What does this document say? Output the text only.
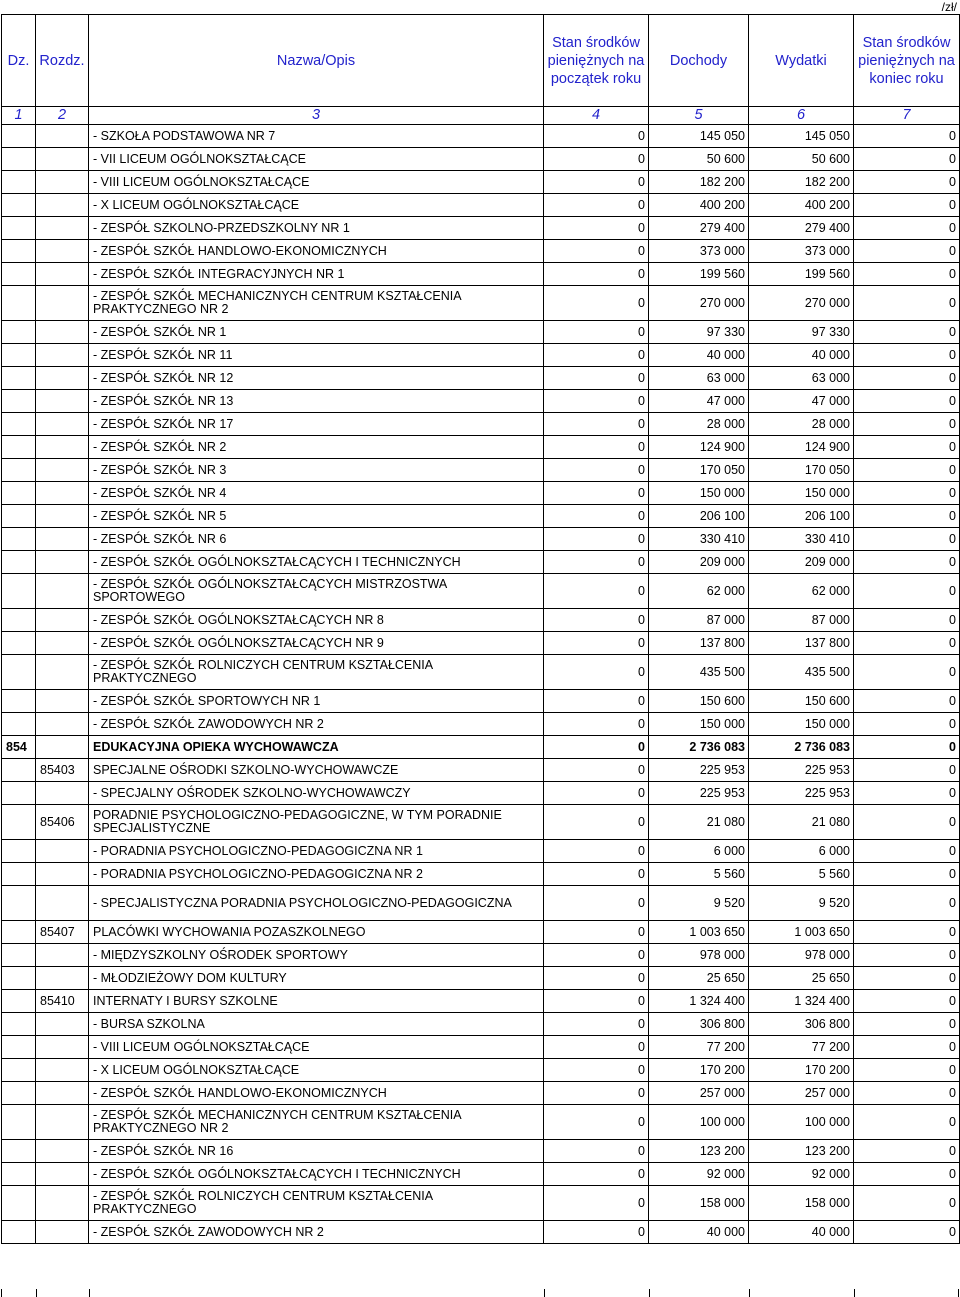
/zł/
Dz.	Rozdz.	Nazwa/Opis	Stan środków pieniężnych na początek roku	Dochody	Wydatki	Stan środków pieniężnych na koniec roku
1	2	3	4	5	6	7
		- SZKOŁA PODSTAWOWA NR 7	0	145 050	145 050	0
		- VII LICEUM OGÓLNOKSZTAŁCĄCE	0	50 600	50 600	0
		- VIII LICEUM OGÓLNOKSZTAŁCĄCE	0	182 200	182 200	0
		- X LICEUM OGÓLNOKSZTAŁCĄCE	0	400 200	400 200	0
		- ZESPÓŁ SZKOLNO-PRZEDSZKOLNY NR 1	0	279 400	279 400	0
		- ZESPÓŁ SZKÓŁ HANDLOWO-EKONOMICZNYCH	0	373 000	373 000	0
		- ZESPÓŁ SZKÓŁ INTEGRACYJNYCH NR 1	0	199 560	199 560	0
		- ZESPÓŁ SZKÓŁ MECHANICZNYCH CENTRUM KSZTAŁCENIA PRAKTYCZNEGO NR 2	0	270 000	270 000	0
		- ZESPÓŁ SZKÓŁ NR 1	0	97 330	97 330	0
		- ZESPÓŁ SZKÓŁ NR 11	0	40 000	40 000	0
		- ZESPÓŁ SZKÓŁ NR 12	0	63 000	63 000	0
		- ZESPÓŁ SZKÓŁ NR 13	0	47 000	47 000	0
		- ZESPÓŁ SZKÓŁ NR 17	0	28 000	28 000	0
		- ZESPÓŁ SZKÓŁ NR 2	0	124 900	124 900	0
		- ZESPÓŁ SZKÓŁ NR 3	0	170 050	170 050	0
		- ZESPÓŁ SZKÓŁ NR 4	0	150 000	150 000	0
		- ZESPÓŁ SZKÓŁ NR 5	0	206 100	206 100	0
		- ZESPÓŁ SZKÓŁ NR 6	0	330 410	330 410	0
		- ZESPÓŁ SZKÓŁ OGÓLNOKSZTAŁCĄCYCH I TECHNICZNYCH	0	209 000	209 000	0
		- ZESPÓŁ SZKÓŁ OGÓLNOKSZTAŁCĄCYCH MISTRZOSTWA SPORTOWEGO	0	62 000	62 000	0
		- ZESPÓŁ SZKÓŁ OGÓLNOKSZTAŁCĄCYCH NR 8	0	87 000	87 000	0
		- ZESPÓŁ SZKÓŁ OGÓLNOKSZTAŁCĄCYCH NR 9	0	137 800	137 800	0
		- ZESPÓŁ SZKÓŁ ROLNICZYCH CENTRUM KSZTAŁCENIA PRAKTYCZNEGO	0	435 500	435 500	0
		- ZESPÓŁ SZKÓŁ SPORTOWYCH NR 1	0	150 600	150 600	0
		- ZESPÓŁ SZKÓŁ ZAWODOWYCH NR 2	0	150 000	150 000	0
854		EDUKACYJNA OPIEKA WYCHOWAWCZA	0	2 736 083	2 736 083	0
	85403	SPECJALNE OŚRODKI SZKOLNO-WYCHOWAWCZE	0	225 953	225 953	0
		- SPECJALNY OŚRODEK SZKOLNO-WYCHOWAWCZY	0	225 953	225 953	0
	85406	PORADNIE PSYCHOLOGICZNO-PEDAGOGICZNE, W TYM PORADNIE SPECJALISTYCZNE	0	21 080	21 080	0
		- PORADNIA PSYCHOLOGICZNO-PEDAGOGICZNA NR 1	0	6 000	6 000	0
		- PORADNIA PSYCHOLOGICZNO-PEDAGOGICZNA NR 2	0	5 560	5 560	0
		- SPECJALISTYCZNA PORADNIA PSYCHOLOGICZNO-PEDAGOGICZNA	0	9 520	9 520	0
	85407	PLACÓWKI WYCHOWANIA POZASZKOLNEGO	0	1 003 650	1 003 650	0
		- MIĘDZYSZKOLNY OŚRODEK SPORTOWY	0	978 000	978 000	0
		- MŁODZIEŻOWY DOM KULTURY	0	25 650	25 650	0
	85410	INTERNATY I BURSY SZKOLNE	0	1 324 400	1 324 400	0
		- BURSA SZKOLNA	0	306 800	306 800	0
		- VIII LICEUM OGÓLNOKSZTAŁCĄCE	0	77 200	77 200	0
		- X LICEUM OGÓLNOKSZTAŁCĄCE	0	170 200	170 200	0
		- ZESPÓŁ SZKÓŁ HANDLOWO-EKONOMICZNYCH	0	257 000	257 000	0
		- ZESPÓŁ SZKÓŁ MECHANICZNYCH CENTRUM KSZTAŁCENIA PRAKTYCZNEGO NR 2	0	100 000	100 000	0
		- ZESPÓŁ SZKÓŁ NR 16	0	123 200	123 200	0
		- ZESPÓŁ SZKÓŁ OGÓLNOKSZTAŁCĄCYCH I TECHNICZNYCH	0	92 000	92 000	0
		- ZESPÓŁ SZKÓŁ ROLNICZYCH CENTRUM KSZTAŁCENIA PRAKTYCZNEGO	0	158 000	158 000	0
		- ZESPÓŁ SZKÓŁ ZAWODOWYCH NR 2	0	40 000	40 000	0
